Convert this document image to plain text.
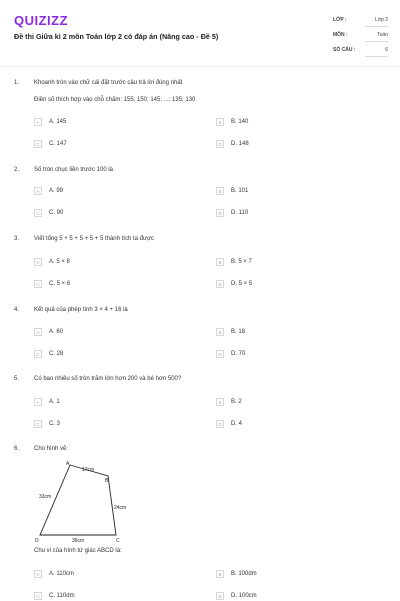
QUIZIZZ
Đề thi Giữa kì 2 môn Toán lớp 2 có đáp án (Nâng cao - Đề 5)
LỚP :	Lớp 2
MÔN :	Toán
SỐ CÂU :	6
1. Khoanh tròn vào chữ cái đặt trước câu trả lời đúng nhất
Điền số thích hợp vào chỗ chấm: 155; 150; 145; ...; 135; 130
A	A. 145	B	B. 140
C	C. 147	D	D. 148
2. Số tròn chục liền trước 100 là
A	A. 99	B	B. 101
C	C. 90	D	D. 110
3. Viết tổng 5 + 5 + 5 + 5 + 5 thành tích ta được
A	A. 5 × 8	B	B. 5 × 7
C	C. 5 × 6	D	D. 5 × 5
4. Kết quả của phép tính 3 × 4 + 16 là
A	A. 60	B	B. 18
C	C. 28	D	D. 70
5. Có bao nhiêu số tròn trăm lớn hơn 200 và bé hơn 500?
A	A. 1	B	B. 2
C	C. 3	D	D. 4
6. Cho hình vẽ:
A
B
C
D
17cm
24cm
36cm
33cm
Chu vi của hình tứ giác ABCD là:
A	A. 110cm	B	B. 100dm
C	C. 110dm	D	D. 100cm
